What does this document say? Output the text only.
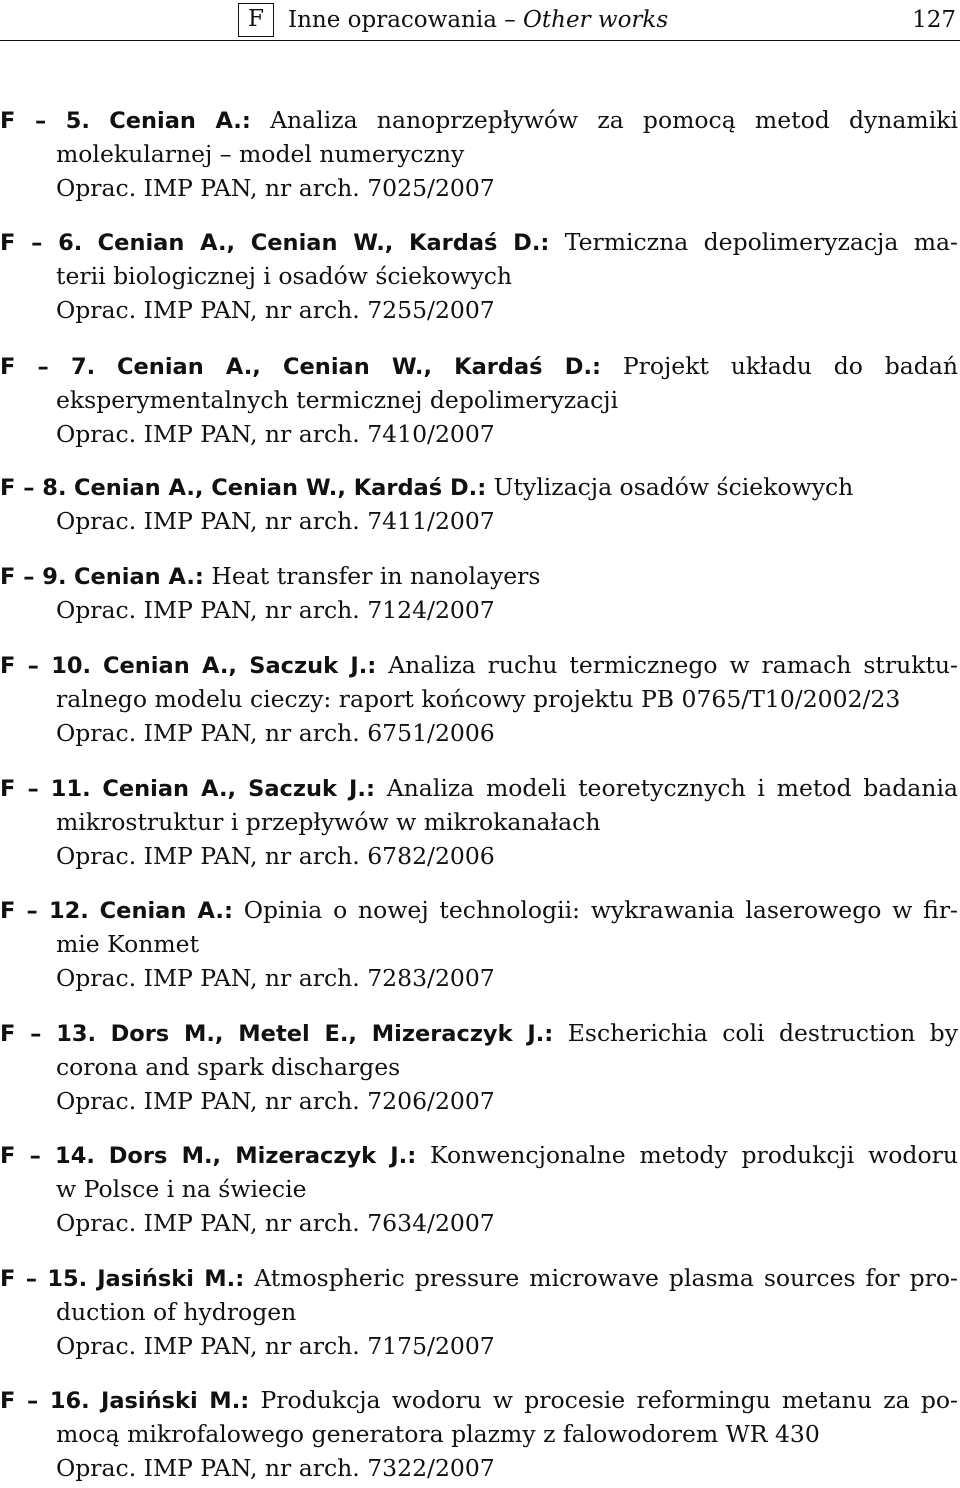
F	Inne opracowania – Other works	127
F – 5. Cenian A.: Analiza nanoprzepływów za pomocą metod dynamiki
molekularnej – model numeryczny
Oprac. IMP PAN, nr arch. 7025/2007
F – 6. Cenian A., Cenian W., Kardaś D.: Termiczna depolimeryzacja ma-
terii biologicznej i osadów ściekowych
Oprac. IMP PAN, nr arch. 7255/2007
F – 7. Cenian A., Cenian W., Kardaś D.: Projekt układu do badań
eksperymentalnych termicznej depolimeryzacji
Oprac. IMP PAN, nr arch. 7410/2007
F – 8. Cenian A., Cenian W., Kardaś D.: Utylizacja osadów ściekowych
Oprac. IMP PAN, nr arch. 7411/2007
F – 9. Cenian A.: Heat transfer in nanolayers
Oprac. IMP PAN, nr arch. 7124/2007
F – 10. Cenian A., Saczuk J.: Analiza ruchu termicznego w ramach struktu-
ralnego modelu cieczy: raport końcowy projektu PB 0765/T10/2002/23
Oprac. IMP PAN, nr arch. 6751/2006
F – 11. Cenian A., Saczuk J.: Analiza modeli teoretycznych i metod badania
mikrostruktur i przepływów w mikrokanałach
Oprac. IMP PAN, nr arch. 6782/2006
F – 12. Cenian A.: Opinia o nowej technologii: wykrawania laserowego w fir-
mie Konmet
Oprac. IMP PAN, nr arch. 7283/2007
F – 13. Dors M., Metel E., Mizeraczyk J.: Escherichia coli destruction by
corona and spark discharges
Oprac. IMP PAN, nr arch. 7206/2007
F – 14. Dors M., Mizeraczyk J.: Konwencjonalne metody produkcji wodoru
w Polsce i na świecie
Oprac. IMP PAN, nr arch. 7634/2007
F – 15. Jasiński M.: Atmospheric pressure microwave plasma sources for pro-
duction of hydrogen
Oprac. IMP PAN, nr arch. 7175/2007
F – 16. Jasiński M.: Produkcja wodoru w procesie reformingu metanu za po-
mocą mikrofalowego generatora plazmy z falowodorem WR 430
Oprac. IMP PAN, nr arch. 7322/2007
